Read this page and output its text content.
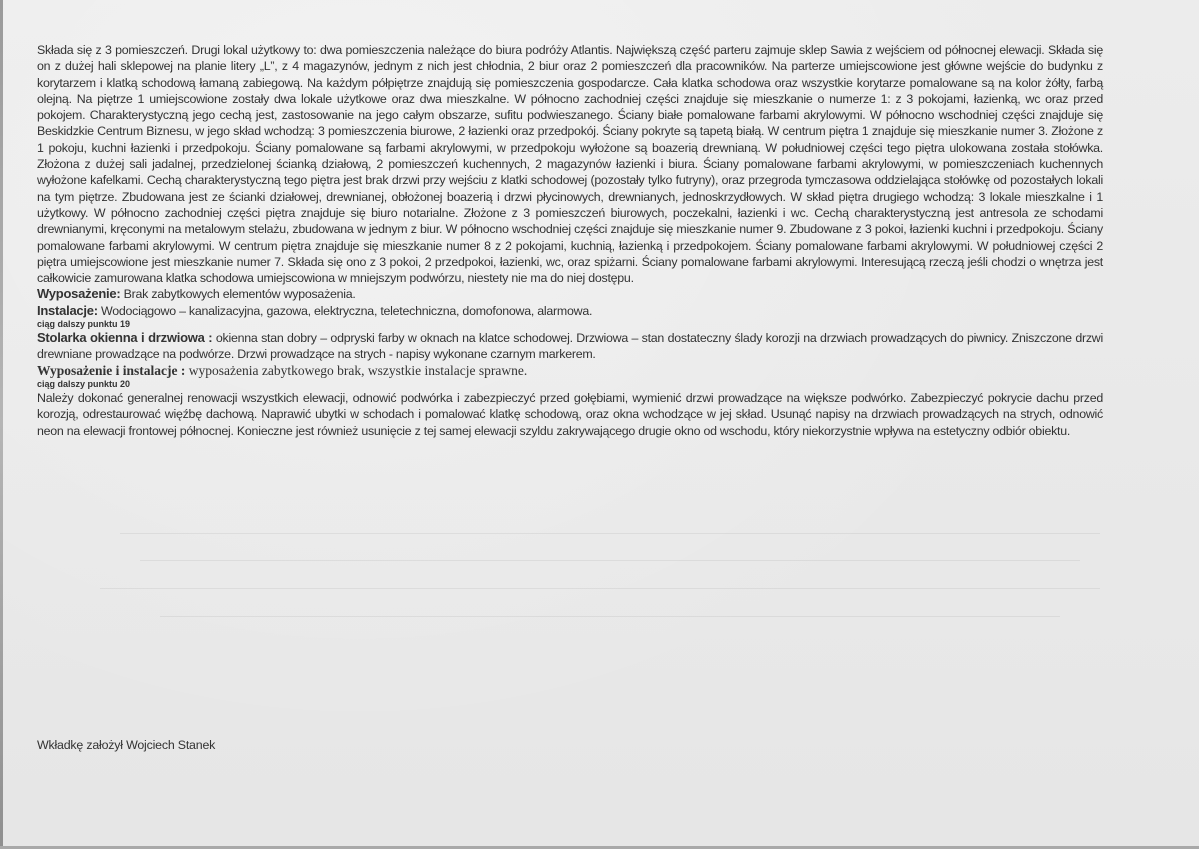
Składa się z 3 pomieszczeń. Drugi lokal użytkowy to: dwa pomieszczenia należące do biura podróży Atlantis. Największą część parteru zajmuje sklep Sawia z wejściem od północnej elewacji. Składa się on z dużej hali sklepowej na planie litery „L”, z 4 magazynów, jednym z nich jest chłodnia, 2 biur oraz 2 pomieszczeń dla pracowników. Na parterze umiejscowione jest główne wejście do budynku z korytarzem i klatką schodową łamaną zabiegową. Na każdym półpiętrze znajdują się pomieszczenia gospodarcze. Cała klatka schodowa oraz wszystkie korytarze pomalowane są na kolor żółty, farbą olejną. Na piętrze 1 umiejscowione zostały dwa lokale użytkowe oraz dwa mieszkalne. W północno zachodniej części znajduje się mieszkanie o numerze 1: z 3 pokojami, łazienką, wc oraz przed pokojem. Charakterystyczną jego cechą jest, zastosowanie na jego całym obszarze, sufitu podwieszanego. Ściany białe pomalowane farbami akrylowymi. W północno wschodniej części znajduje się Beskidzkie Centrum Biznesu, w jego skład wchodzą: 3 pomieszczenia biurowe, 2 łazienki oraz przedpokój. Ściany pokryte są tapetą białą. W centrum piętra 1 znajduje się mieszkanie numer 3. Złożone z 1 pokoju, kuchni łazienki i przedpokoju. Ściany pomalowane są farbami akrylowymi, w przedpokoju wyłożone są boazerią drewnianą. W południowej części tego piętra ulokowana została stołówka. Złożona z dużej sali jadalnej, przedzielonej ścianką działową, 2 pomieszczeń kuchennych, 2 magazynów łazienki i biura. Ściany pomalowane farbami akrylowymi, w pomieszczeniach kuchennych wyłożone kafelkami. Cechą charakterystyczną tego piętra jest brak drzwi przy wejściu z klatki schodowej (pozostały tylko futryny), oraz przegroda tymczasowa oddzielająca stołówkę od pozostałych lokali na tym piętrze. Zbudowana jest ze ścianki działowej, drewnianej, obłożonej boazerią i drzwi płycinowych, drewnianych, jednoskrzydłowych. W skład piętra drugiego wchodzą: 3 lokale mieszkalne i 1 użytkowy. W północno zachodniej części piętra znajduje się biuro notarialne. Złożone z 3 pomieszczeń biurowych, poczekalni, łazienki i wc. Cechą charakterystyczną jest antresola ze schodami drewnianymi, kręconymi na metalowym stelażu, zbudowana w jednym z biur. W północno wschodniej części znajduje się mieszkanie numer 9. Zbudowane z 3 pokoi, łazienki kuchni i przedpokoju. Ściany pomalowane farbami akrylowymi. W centrum piętra znajduje się mieszkanie numer 8 z 2 pokojami, kuchnią, łazienką i przedpokojem. Ściany pomalowane farbami akrylowymi. W południowej części 2 piętra umiejscowione jest mieszkanie numer 7. Składa się ono z 3 pokoi, 2 przedpokoi, łazienki, wc, oraz spiżarni. Ściany pomalowane farbami akrylowymi. Interesującą rzeczą jeśli chodzi o wnętrza jest całkowicie zamurowana klatka schodowa umiejscowiona w mniejszym podwórzu, niestety nie ma do niej dostępu.

Wyposażenie: Brak zabytkowych elementów wyposażenia.

Instalacje: Wodociągowo – kanalizacyjna, gazowa, elektryczna, teletechniczna, domofonowa, alarmowa.

ciąg dalszy punktu 19

Stolarka okienna i drzwiowa : okienna stan dobry – odpryski farby w oknach na klatce schodowej. Drzwiowa – stan dostateczny ślady korozji na drzwiach prowadzących do piwnicy. Zniszczone drzwi drewniane prowadzące na podwórze. Drzwi prowadzące na strych - napisy wykonane czarnym markerem.

Wyposażenie i instalacje : wyposażenia zabytkowego brak, wszystkie instalacje sprawne.

ciąg dalszy punktu 20

Należy dokonać generalnej renowacji wszystkich elewacji, odnowić podwórka i zabezpieczyć przed gołębiami, wymienić drzwi prowadzące na większe podwórko. Zabezpieczyć pokrycie dachu przed korozją, odrestaurować więźbę dachową. Naprawić ubytki w schodach i pomalować klatkę schodową, oraz okna wchodzące w jej skład. Usunąć napisy na drzwiach prowadzących na strych, odnowić neon na elewacji frontowej północnej. Konieczne jest również usunięcie z tej samej elewacji szyldu zakrywającego drugie okno od wschodu, który niekorzystnie wpływa na estetyczny odbiór obiektu.

Wkładkę założył Wojciech Stanek
